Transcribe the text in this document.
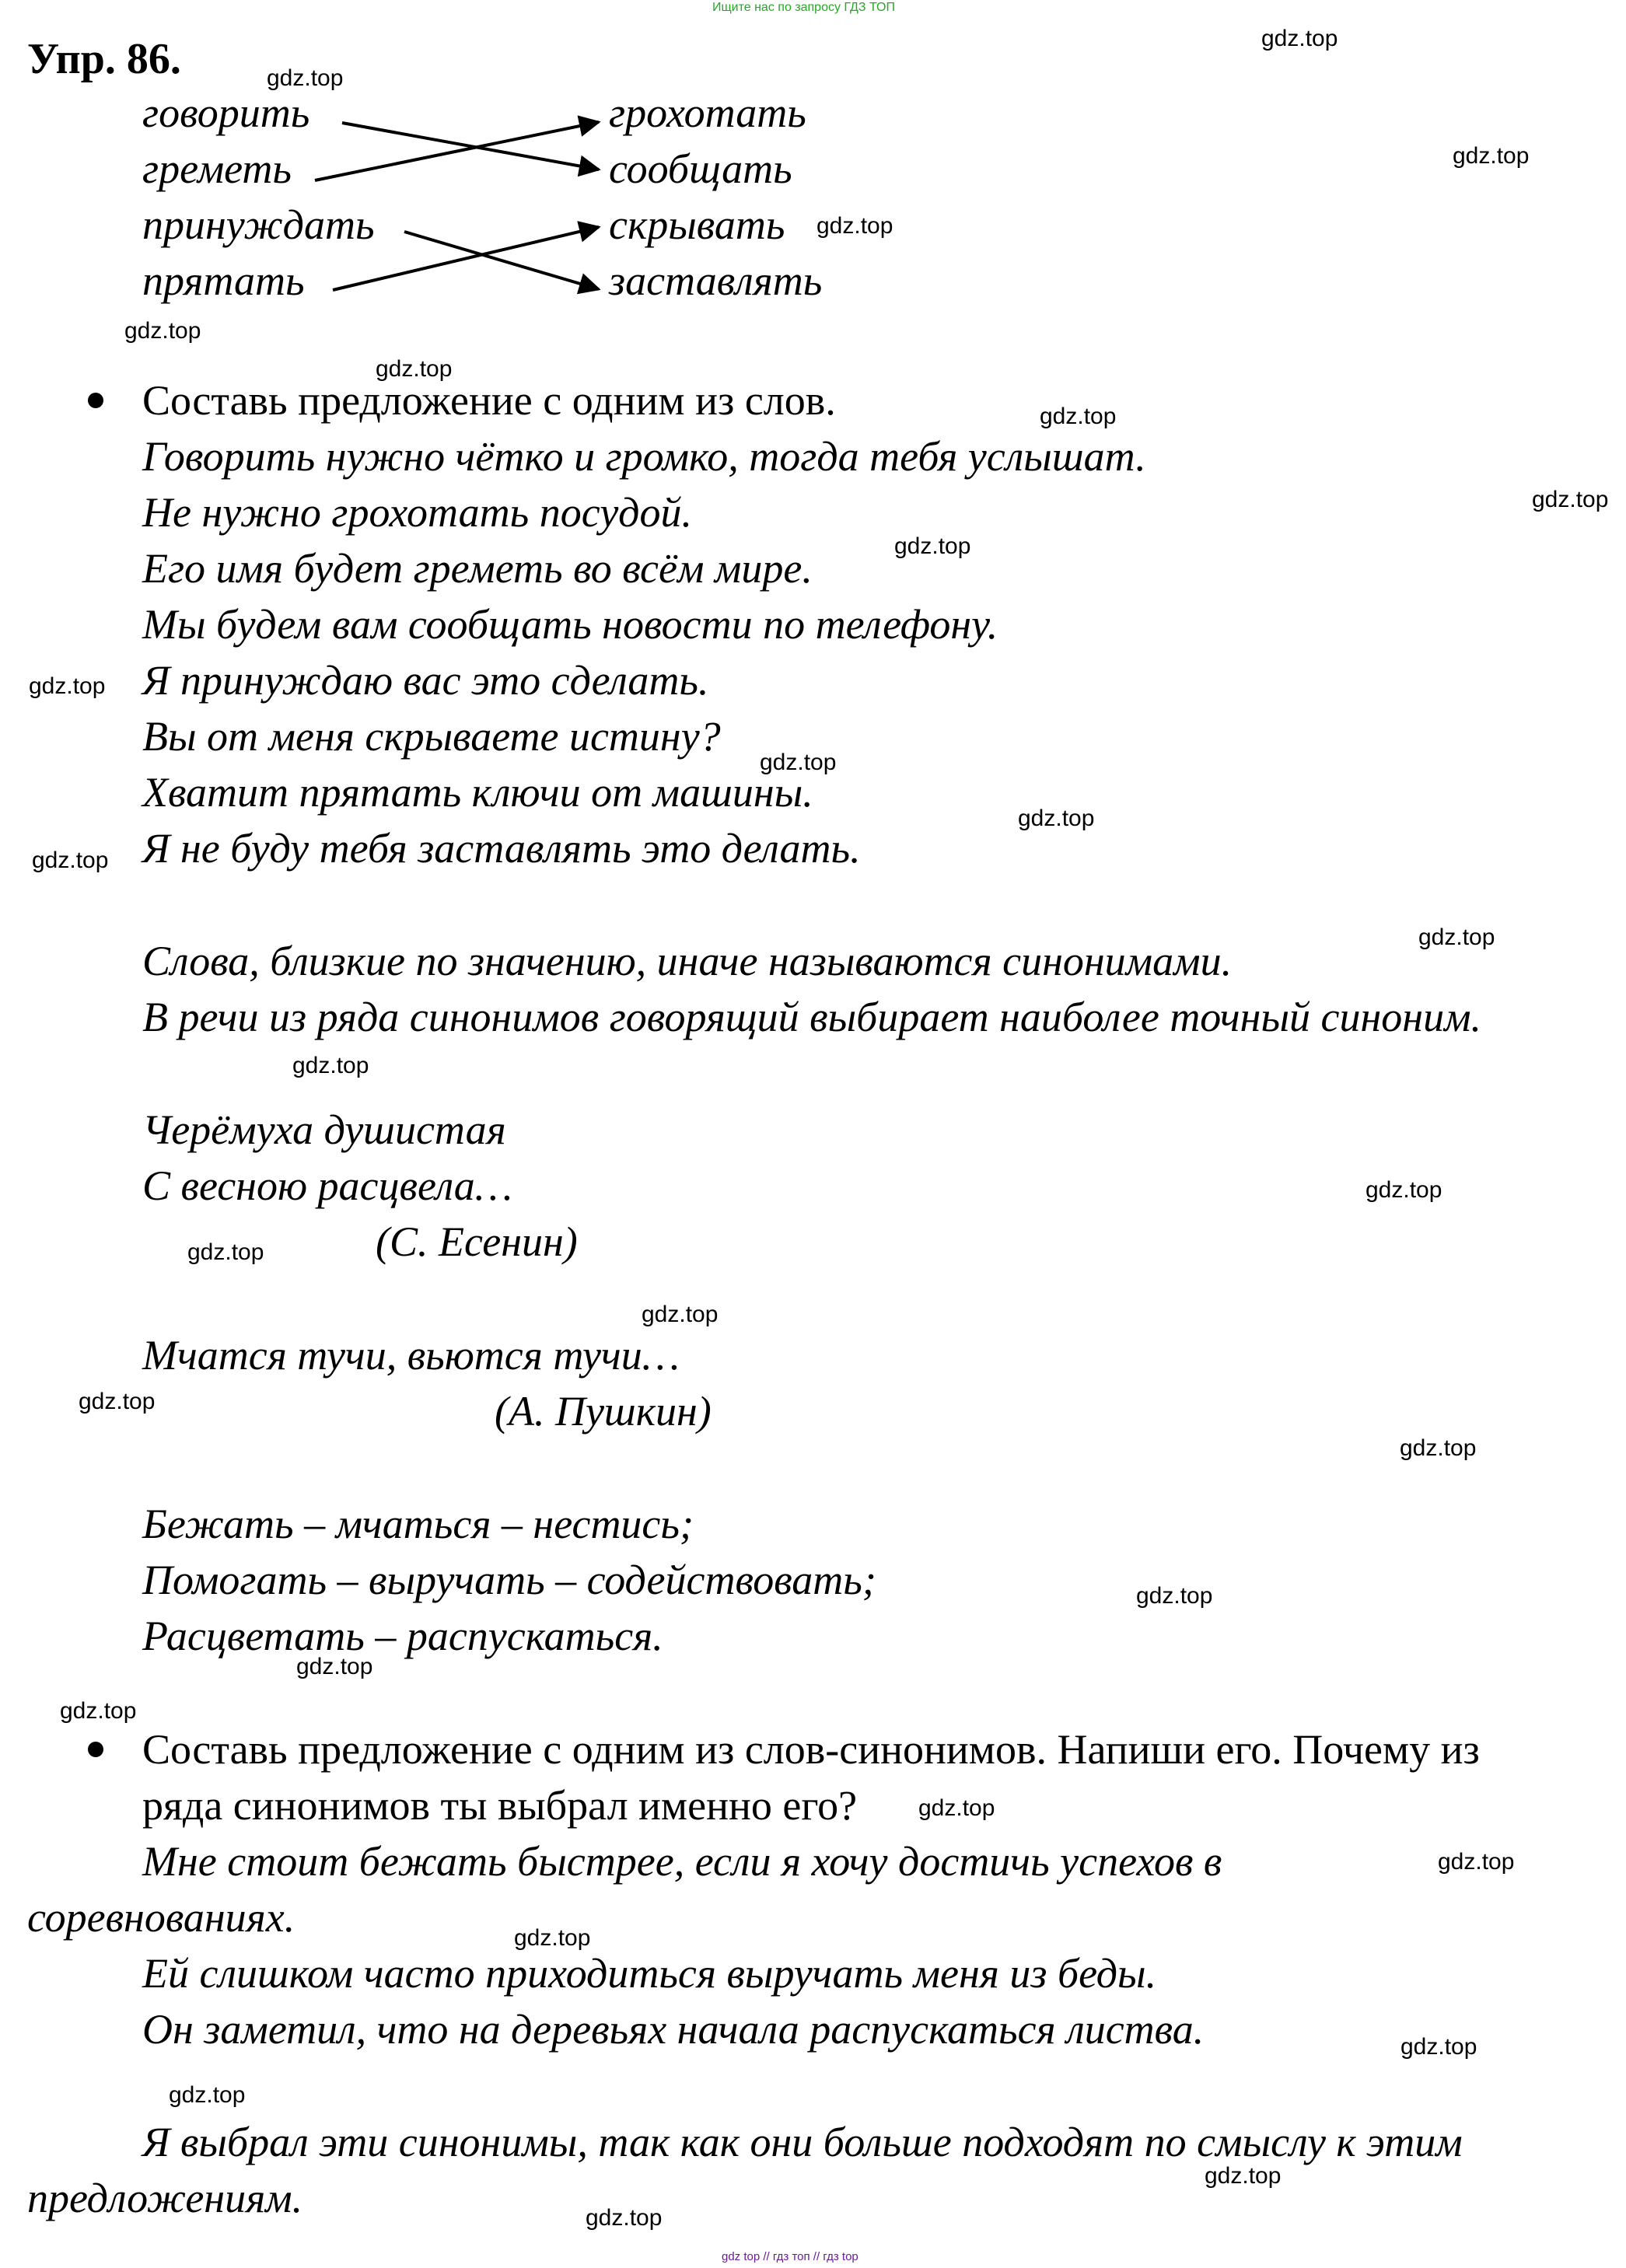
Ищите нас по запросу ГДЗ ТОП
Упр. 86.
говорить
греметь
принуждать
прятать
грохотать
сообщать
скрывать
заставлять
Составь предложение с одним из слов.
Говорить нужно чётко и громко, тогда тебя услышат.
Не нужно грохотать посудой.
Его имя будет греметь во всём мире.
Мы будем вам сообщать новости по телефону.
Я принуждаю вас это сделать.
Вы от меня скрываете истину?
Хватит прятать ключи от машины.
Я не буду тебя заставлять это делать.
Слова, близкие по значению, иначе называются синонимами.
В речи из ряда синонимов говорящий выбирает наиболее точный синоним.
Черёмуха душистая
С весною расцвела…
(С. Есенин)
Мчатся тучи, вьются тучи…
(А. Пушкин)
Бежать – мчаться – нестись;
Помогать – выручать – содействовать;
Расцветать – распускаться.
Составь предложение с одним из слов-синонимов. Напиши его. Почему из
ряда синонимов ты выбрал именно его?
Мне стоит бежать быстрее, если я хочу достичь успехов в
соревнованиях.
Ей слишком часто приходиться выручать меня из беды.
Он заметил, что на деревьях начала распускаться листва.
Я выбрал эти синонимы, так как они больше подходят по смыслу к этим
предложениям.
gdz.top
gdz.top
gdz.top
gdz.top
gdz.top
gdz.top
gdz.top
gdz.top
gdz.top
gdz.top
gdz.top
gdz.top
gdz.top
gdz.top
gdz.top
gdz.top
gdz.top
gdz.top
gdz.top
gdz.top
gdz.top
gdz.top
gdz.top
gdz.top
gdz.top
gdz.top
gdz.top
gdz.top
gdz.top
gdz.top
gdz top // гдз топ // гдз top
